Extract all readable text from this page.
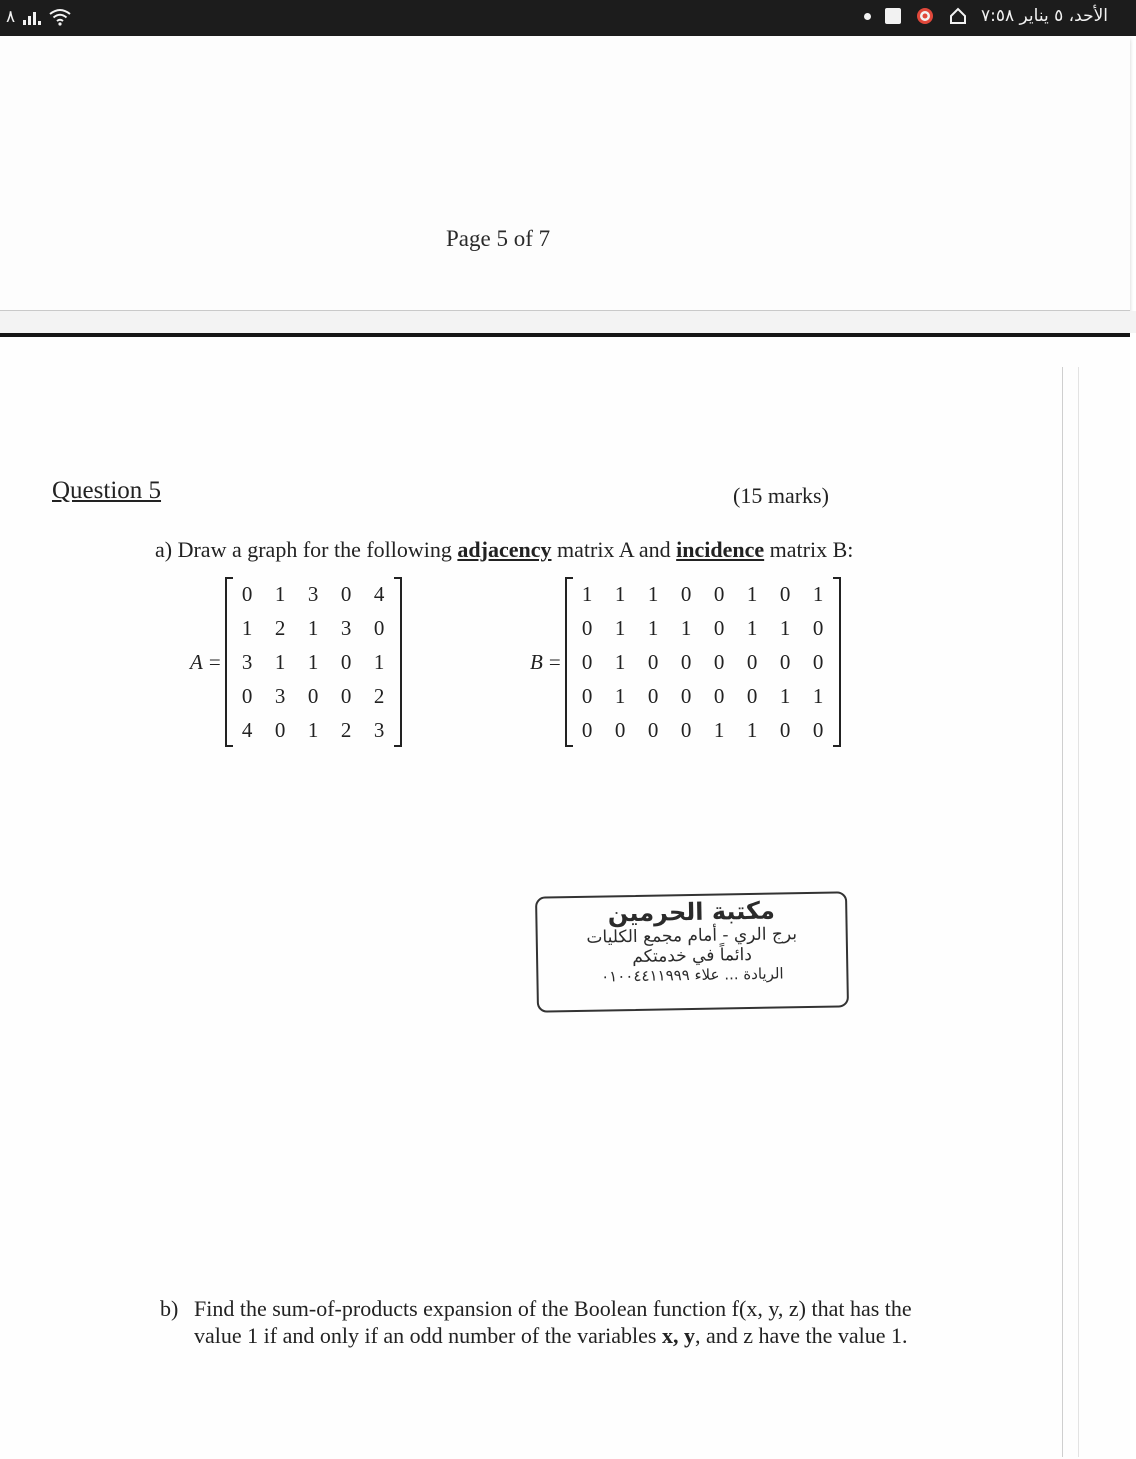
٨	الأحد، ٥ يناير ٧:٥٨
Page 5 of 7
Question 5	(15 marks)
a) Draw a graph for the following adjacency matrix A and incidence matrix B:
A =
0	1	3	0	4
1	2	1	3	0
3	1	1	0	1
0	3	0	0	2
4	0	1	2	3
B =
1	1	1	0	0	1	0	1
0	1	1	1	0	1	1	0
0	1	0	0	0	0	0	0
0	1	0	0	0	0	1	1
0	0	0	0	1	1	0	0
مكتبة الحرمين
برج الري - أمام مجمع الكليات
دائماً في خدمتكم
الريادة ... علاء ٠١٠٠٤٤١١٩٩٩
b) Find the sum-of-products expansion of the Boolean function f(x, y, z) that has the value 1 if and only if an odd number of the variables x, y, and z have the value 1.
